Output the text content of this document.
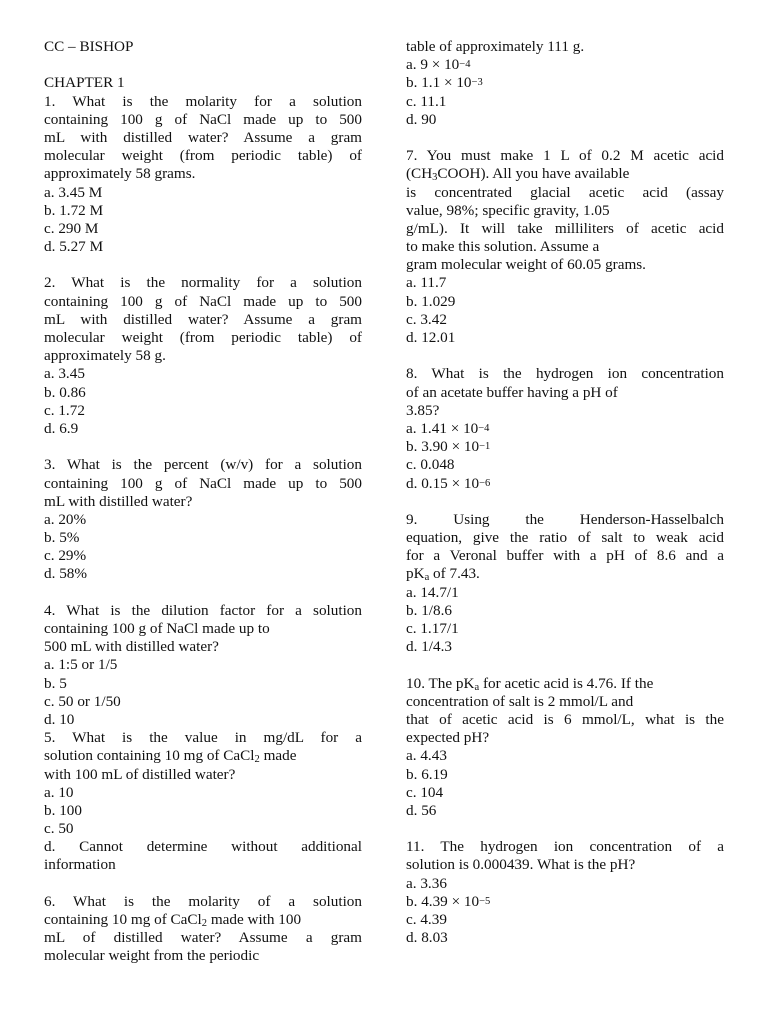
CC – BISHOP
CHAPTER 1
1. What is the molarity for a solution
containing 100 g of NaCl made up to 500
mL with distilled water? Assume a gram
molecular weight (from periodic table) of
approximately 58 grams.
a. 3.45 M
b. 1.72 M
c. 290 M
d. 5.27 M
2. What is the normality for a solution
containing 100 g of NaCl made up to 500
mL with distilled water? Assume a gram
molecular weight (from periodic table) of
approximately 58 g.
a. 3.45
b. 0.86
c. 1.72
d. 6.9
3. What is the percent (w/v) for a solution
containing 100 g of NaCl made up to 500
mL with distilled water?
a. 20%
b. 5%
c. 29%
d. 58%
4. What is the dilution factor for a solution
containing 100 g of NaCl made up to
500 mL with distilled water?
a. 1:5 or 1/5
b. 5
c. 50 or 1/50
d. 10
5. What is the value in mg/dL for a
solution containing 10 mg of CaCl$_2$ made
with 100 mL of distilled water?
a. 10
b. 100
c. 50
d. Cannot determine without additional
information
6. What is the molarity of a solution
containing 10 mg of CaCl$_2$ made with 100
mL of distilled water? Assume a gram
molecular weight from the periodic
table of approximately 111 g.
a. $9 \times 10^{-4}$
b. $1.1 \times 10^{-3}$
c. 11.1
d. 90
7. You must make 1 L of 0.2 M acetic acid
$(CH_3COOH)$. All you have available
is concentrated glacial acetic acid (assay
value, 98%; specific gravity, 1.05
g/mL). It will take milliliters of acetic acid
to make this solution. Assume a
gram molecular weight of 60.05 grams.
a. 11.7
b. 1.029
c. 3.42
d. 12.01
8. What is the hydrogen ion concentration
of an acetate buffer having a pH of
3.85?
a. $1.41 \times 10^{-4}$
b. $3.90 \times 10^{-1}$
c. 0.048
d. $0.15 \times 10^{-6}$
9. Using the Henderson-Hasselbalch
equation, give the ratio of salt to weak acid
for a Veronal buffer with a pH of 8.6 and a
$pK_a$ of 7.43.
a. 14.7/1
b. 1/8.6
c. 1.17/1
d. 1/4.3
10. The $pK_a$ for acetic acid is 4.76. If the
concentration of salt is 2 mmol/L and
that of acetic acid is 6 mmol/L, what is the
expected pH?
a. 4.43
b. 6.19
c. 104
d. 56
11. The hydrogen ion concentration of a
solution is 0.000439. What is the pH?
a. 3.36
b. $4.39 \times 10^{-5}$
c. 4.39
d. 8.03
